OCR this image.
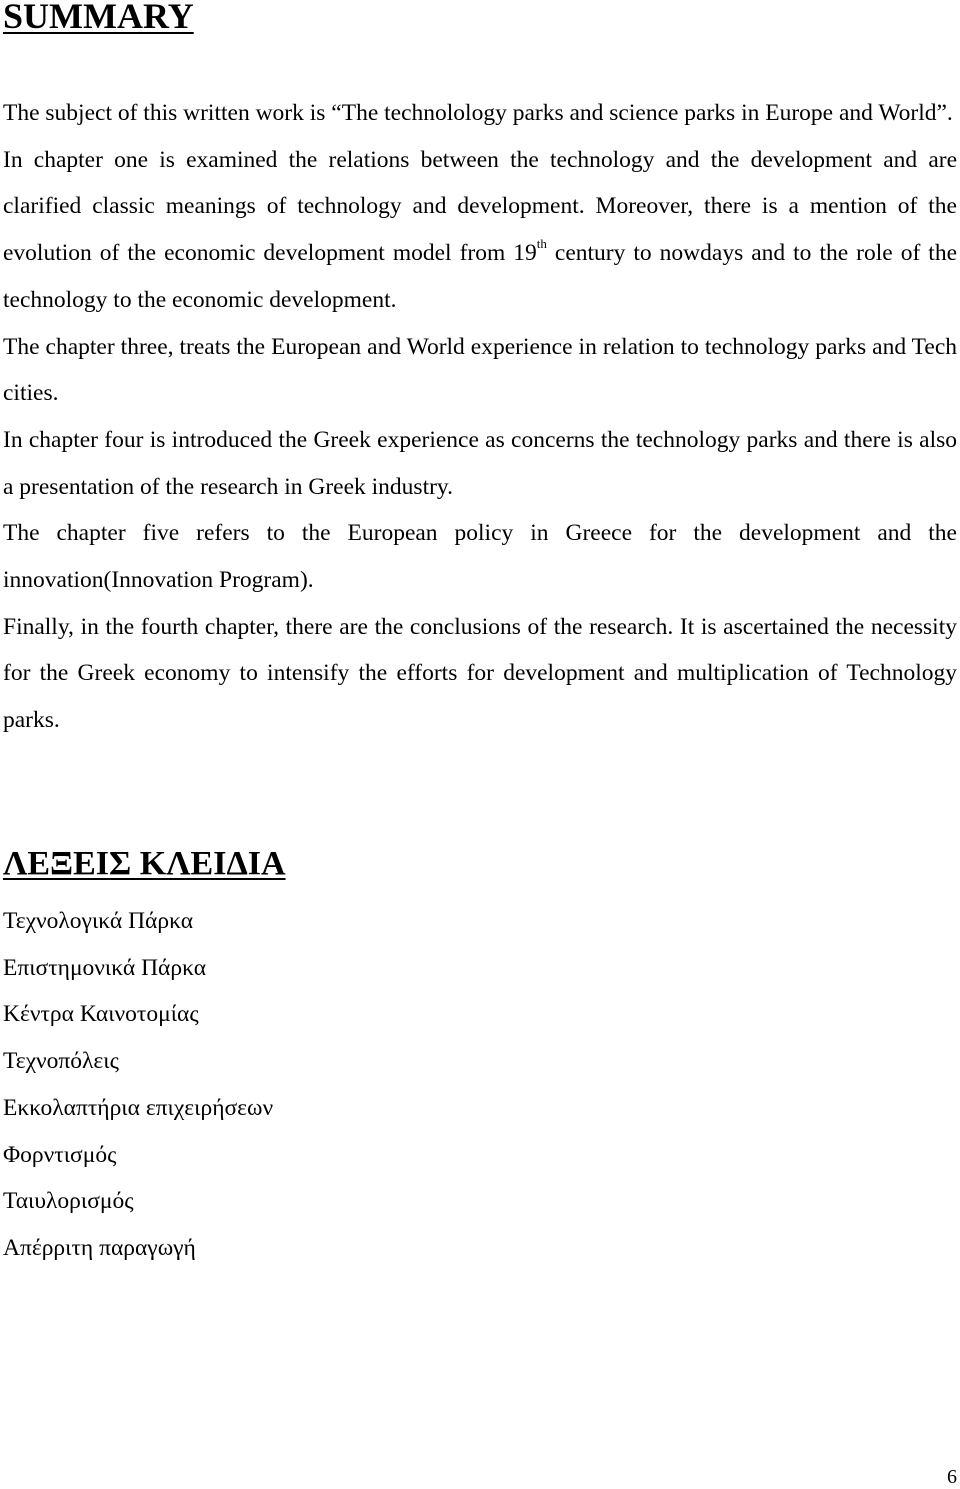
SUMMARY

The subject of this written work is “The technolology parks and science parks in Europe and World”.

In chapter one is examined the relations between the technology and the development and are clarified classic meanings of technology and development. Moreover, there is a mention of the evolution of the economic development model from 19th century to nowdays and to the role of the technology to the economic development.

The chapter three, treats the European and World experience in relation to technology parks and Tech cities.

In chapter four is introduced the Greek experience as concerns the technology parks and there is also a presentation of the research in Greek industry.

The chapter five refers to the European policy in Greece for the development and the innovation(Innovation Program).

Finally, in the fourth chapter, there are the conclusions of the research. It is ascertained the necessity for the Greek economy to intensify the efforts for development and multiplication of Technology parks.

ΛΕΞΕΙΣ ΚΛΕΙΔΙΑ
Τεχνολογικά Πάρκα
Επιστημονικά Πάρκα
Κέντρα Καινοτομίας
Τεχνοπόλεις
Εκκολαπτήρια επιχειρήσεων
Φορντισμός
Ταιυλορισμός
Απέρριτη παραγωγή
6
